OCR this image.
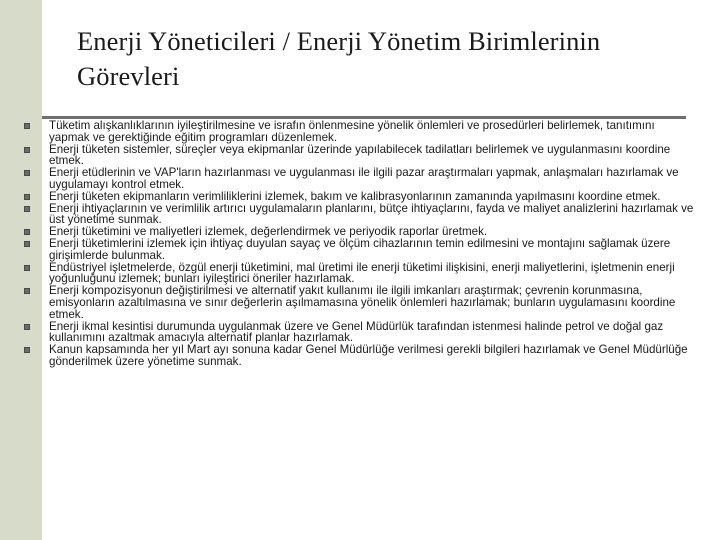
Enerji Yöneticileri / Enerji Yönetim Birimlerinin
Görevleri
Tüketim alışkanlıklarının iyileştirilmesine ve israfın önlenmesine yönelik önlemleri ve prosedürleri belirlemek, tanıtımını yapmak ve gerektiğinde eğitim programları düzenlemek.
Enerji tüketen sistemler, süreçler veya ekipmanlar üzerinde yapılabilecek tadilatları belirlemek ve uygulanmasını koordine etmek.
Enerji etüdlerinin ve VAP'ların hazırlanması ve uygulanması ile ilgili pazar araştırmaları yapmak, anlaşmaları hazırlamak ve uygulamayı kontrol etmek.
Enerji tüketen ekipmanların verimliliklerini izlemek, bakım ve kalibrasyonlarının zamanında yapılmasını koordine etmek.
Enerji ihtiyaçlarının ve verimlilik artırıcı uygulamaların planlarını, bütçe ihtiyaçlarını, fayda ve maliyet analizlerini hazırlamak ve üst yönetime sunmak.
Enerji tüketimini ve maliyetleri izlemek, değerlendirmek ve periyodik raporlar üretmek.
Enerji tüketimlerini izlemek için ihtiyaç duyulan sayaç ve ölçüm cihazlarının temin edilmesini ve montajını sağlamak üzere girişimlerde bulunmak.
Endüstriyel işletmelerde, özgül enerji tüketimini, mal üretimi ile enerji tüketimi ilişkisini, enerji maliyetlerini, işletmenin enerji yoğunluğunu izlemek; bunları iyileştirici öneriler hazırlamak.
Enerji kompozisyonun değiştirilmesi ve alternatif yakıt kullanımı ile ilgili imkanları araştırmak; çevrenin korunmasına, emisyonların azaltılmasına ve sınır değerlerin aşılmamasına yönelik önlemleri hazırlamak; bunların uygulamasını koordine etmek.
Enerji ikmal kesintisi durumunda uygulanmak üzere ve Genel Müdürlük tarafından istenmesi halinde petrol ve doğal gaz kullanımını azaltmak amacıyla alternatif planlar hazırlamak.
Kanun kapsamında her yıl Mart ayı sonuna kadar Genel Müdürlüğe verilmesi gerekli bilgileri hazırlamak ve Genel Müdürlüğe gönderilmek üzere yönetime sunmak.
